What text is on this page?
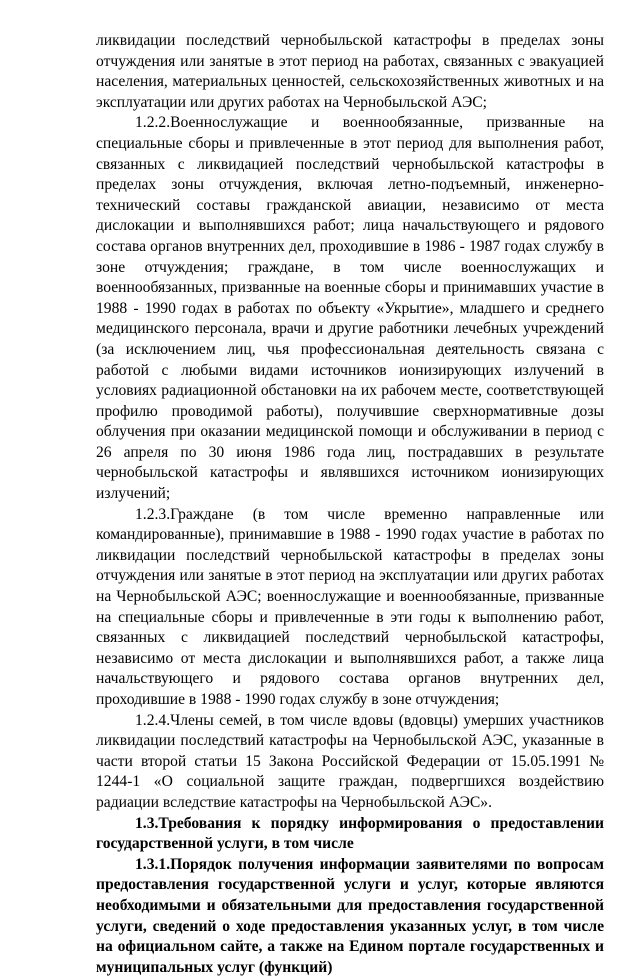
ликвидации последствий чернобыльской катастрофы в пределах зоны отчуждения или занятые в этот период на работах, связанных с эвакуацией населения, материальных ценностей, сельскохозяйственных животных и на эксплуатации или других работах на Чернобыльской АЭС;

1.2.2.Военнослужащие и военнообязанные, призванные на специальные сборы и привлеченные в этот период для выполнения работ, связанных с ликвидацией последствий чернобыльской катастрофы в пределах зоны отчуждения, включая летно-подъемный, инженерно-технический составы гражданской авиации, независимо от места дислокации и выполнявшихся работ; лица начальствующего и рядового состава органов внутренних дел, проходившие в 1986 - 1987 годах службу в зоне отчуждения; граждане, в том числе военнослужащих и военнообязанных, призванные на военные сборы и принимавших участие в 1988 - 1990 годах в работах по объекту «Укрытие», младшего и среднего медицинского персонала, врачи и другие работники лечебных учреждений (за исключением лиц, чья профессиональная деятельность связана с работой с любыми видами источников ионизирующих излучений в условиях радиационной обстановки на их рабочем месте, соответствующей профилю проводимой работы), получившие сверхнормативные дозы облучения при оказании медицинской помощи и обслуживании в период с 26 апреля по 30 июня 1986 года лиц, пострадавших в результате чернобыльской катастрофы и являвшихся источником ионизирующих излучений;

1.2.3.Граждане (в том числе временно направленные или командированные), принимавшие в 1988 - 1990 годах участие в работах по ликвидации последствий чернобыльской катастрофы в пределах зоны отчуждения или занятые в этот период на эксплуатации или других работах на Чернобыльской АЭС; военнослужащие и военнообязанные, призванные на специальные сборы и привлеченные в эти годы к выполнению работ, связанных с ликвидацией последствий чернобыльской катастрофы, независимо от места дислокации и выполнявшихся работ, а также лица начальствующего и рядового состава органов внутренних дел, проходившие в 1988 - 1990 годах службу в зоне отчуждения;

1.2.4.Члены семей, в том числе вдовы (вдовцы) умерших участников ликвидации последствий катастрофы на Чернобыльской АЭС, указанные в части второй статьи 15 Закона Российской Федерации от 15.05.1991 № 1244-1 «О социальной защите граждан, подвергшихся воздействию радиации вследствие катастрофы на Чернобыльской АЭС».

1.3.Требования к порядку информирования о предоставлении государственной услуги, в том числе

1.3.1.Порядок получения информации заявителями по вопросам предоставления государственной услуги и услуг, которые являются необходимыми и обязательными для предоставления государственной услуги, сведений о ходе предоставления указанных услуг, в том числе на официальном сайте, а также на Едином портале государственных и муниципальных услуг (функций)
